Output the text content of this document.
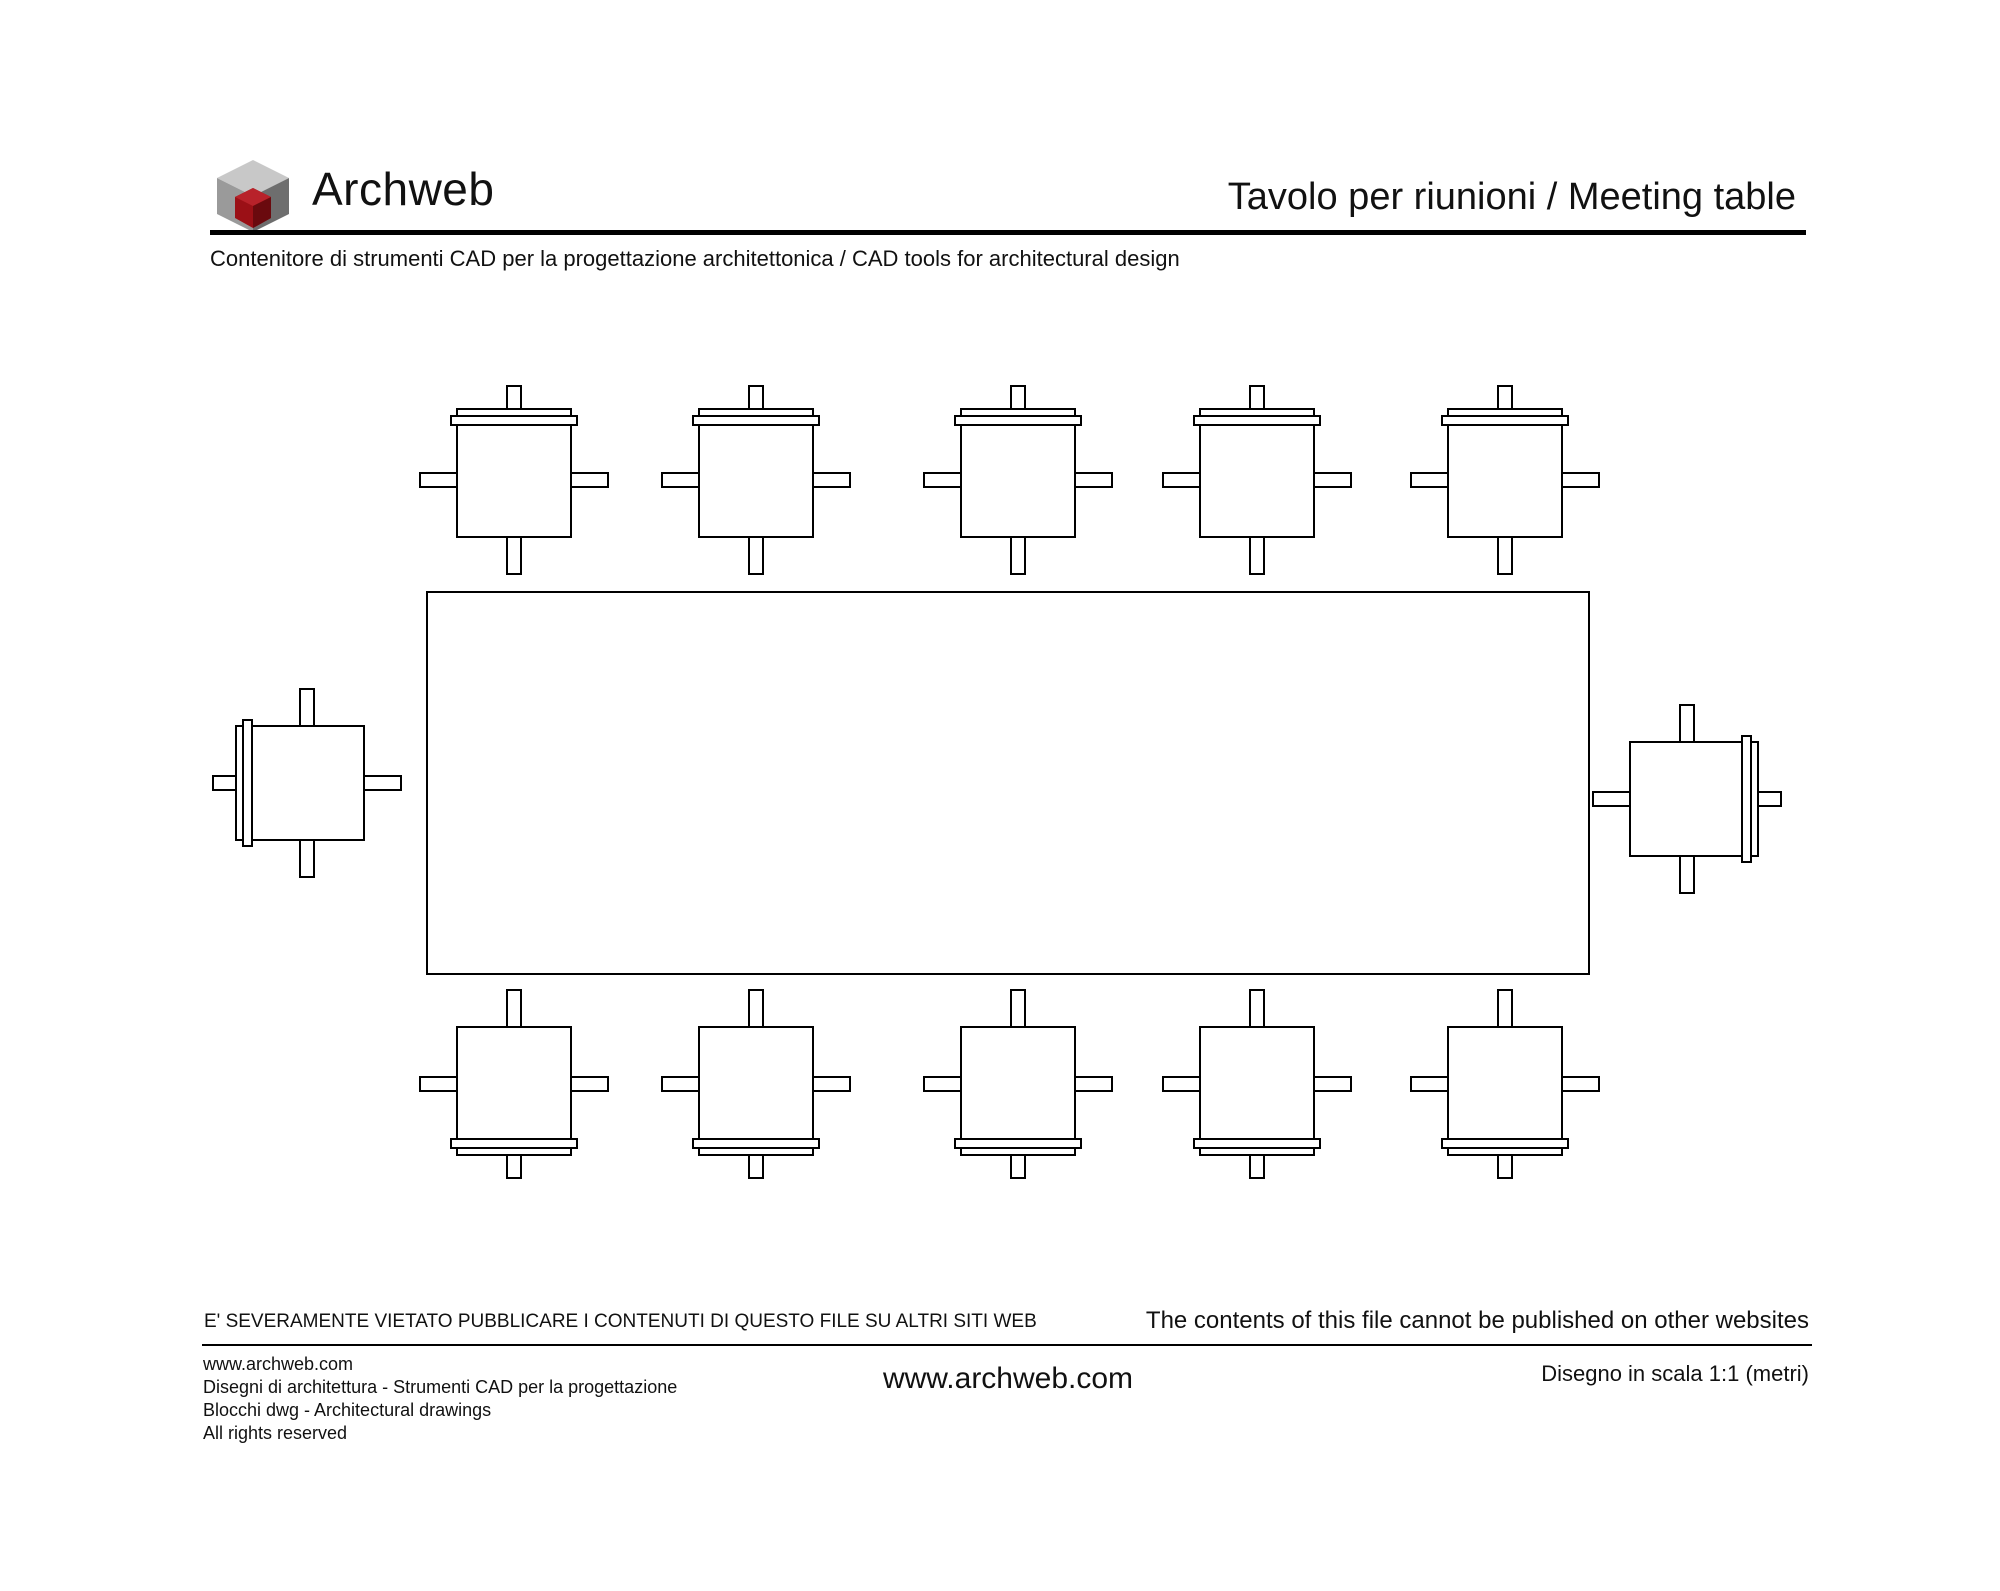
Archweb	Tavolo per riunioni / Meeting table
Contenitore di strumenti CAD per la progettazione architettonica / CAD tools for architectural design
E' SEVERAMENTE VIETATO PUBBLICARE I CONTENUTI DI QUESTO FILE SU ALTRI SITI WEB	The contents of this file cannot be published on other websites
www.archweb.com
Disegni di architettura - Strumenti CAD per la progettazione
Blocchi dwg - Architectural drawings
All rights reserved
www.archweb.com	Disegno in scala 1:1 (metri)
